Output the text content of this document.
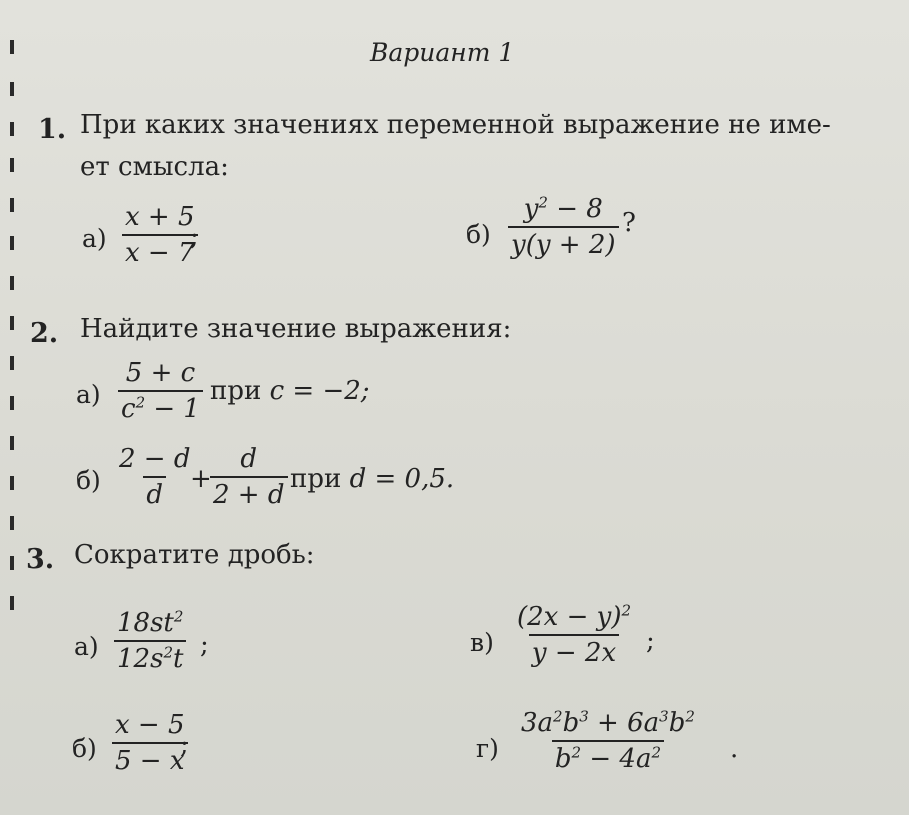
Вариант 1
1. При каких значениях переменной выражение не име-
ет смысла:
$а) \frac{x + 5}{x - 7}$
;	$б) \frac{y^2 - 8}{y(y + 2)}$ ?
2. Найдите значение выражения:
$а) \frac{5 + c}{c^2 - 1}$ при c = −2;
$б) \frac{2 - d}{d}$
+
$\frac{d}{2 + d}$ при d = 0,5.
3. Сократите дробь:
$а) \frac{18st^2}{12s^2t}$ ;	$в) \frac{(2x - y)^2}{y - 2x}$ ;
$б) \frac{x - 5}{5 - x}$
;	$г) \frac{3a^2b^3 + 6a^3b^2}{b^2 - 4a^2}$ .
